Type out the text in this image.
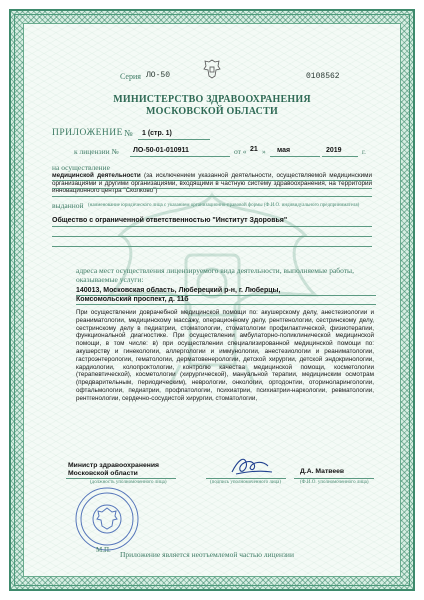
Серия ЛО-50	0108562
МИНИСТЕРСТВО ЗДРАВООХРАНЕНИЯ
МОСКОВСКОЙ ОБЛАСТИ
ПРИЛОЖЕНИЕ № 1 (стр. 1)
к лицензии № ЛО-50-01-010911	от « 21 » мая	2019	г.
на осуществление
медицинской деятельности (за исключением указанной деятельности, осуществляемой медицинскими организациями и другими организациями, входящими в частную систему здравоохранения, на территории инновационного центра "Сколково")
выданной (наименование юридического лица с указанием организационно-правовой формы (Ф.И.О. индивидуального предпринимателя)
Общество с ограниченной ответственностью "Институт Здоровья"
адреса мест осуществления лицензируемого вида деятельности, выполняемые работы, оказываемые услуги:
140013, Московская область, Люберецкий р-н, г. Люберцы, Комсомольский проспект, д. 11б
При осуществлении доврачебной медицинской помощи по: акушерскому делу, анестезиологии и реаниматологии, медицинскому массажу, операционному делу, рентгенологии, сестринскому делу, сестринскому делу в педиатрии, стоматологии, стоматологии профилактической, физиотерапии, функциональной диагностике. При осуществлении амбулаторно-поликлинической медицинской помощи, в том числе: в) при осуществлении специализированной медицинской помощи по: акушерству и гинекологии, аллергологии и иммунологии, анестезиологии и реаниматологии, гастроэнтерологии, гематологии, дерматовенерологии, детской хирургии, детской эндокринологии, кардиологии, колопроктологии, контролю качества медицинской помощи, косметологии (терапевтической), косметологии (хирургической), мануальной терапии, медицинским осмотрам (предварительным, периодическим), неврологии, онкологии, ортодонтии, оториноларингологии, офтальмологии, педиатрии, профпатологии, психиатрии, психиатрии-наркологии, ревматологии, рентгенологии, сердечно-сосудистой хирургии, стоматологии,
Министр здравоохранения
Московской области
(должность уполномоченного лица)	(подпись уполномоченного лица)
Д.А. Матвеев
(Ф.И.О. уполномоченного лица)
М.П. Приложение является неотъемлемой частью лицензии
